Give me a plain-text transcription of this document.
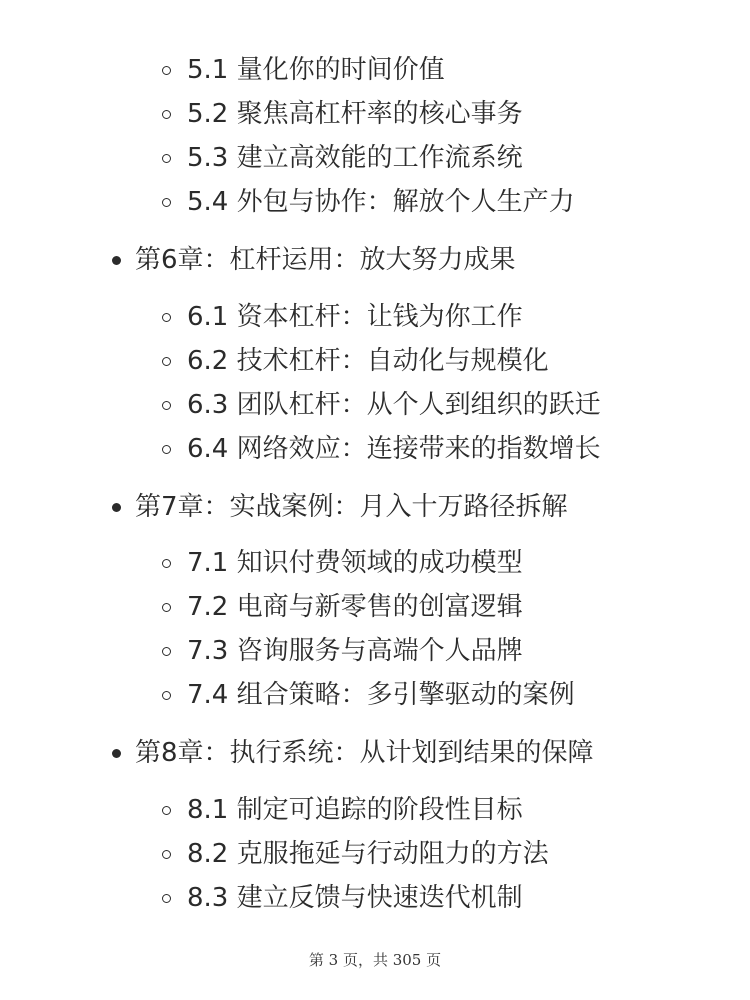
5.1 量化你的时间价值
5.2 聚焦高杠杆率的核心事务
5.3 建立高效能的工作流系统
5.4 外包与协作：解放个人生产力
第6章：杠杆运用：放大努力成果
6.1 资本杠杆：让钱为你工作
6.2 技术杠杆：自动化与规模化
6.3 团队杠杆：从个人到组织的跃迁
6.4 网络效应：连接带来的指数增长
第7章：实战案例：月入十万路径拆解
7.1 知识付费领域的成功模型
7.2 电商与新零售的创富逻辑
7.3 咨询服务与高端个人品牌
7.4 组合策略：多引擎驱动的案例
第8章：执行系统：从计划到结果的保障
8.1 制定可追踪的阶段性目标
8.2 克服拖延与行动阻力的方法
8.3 建立反馈与快速迭代机制
第 3 页，共 305 页
